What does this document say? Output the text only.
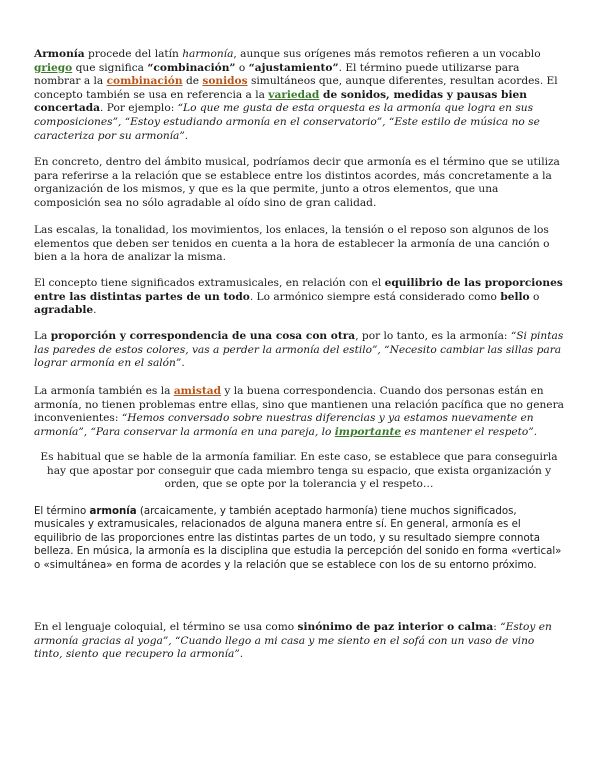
Armonía procede del latín harmonía, aunque sus orígenes más remotos refieren a un vocablo griego que significa “combinación” o “ajustamiento”. El término puede utilizarse para nombrar a la combinación de sonidos simultáneos que, aunque diferentes, resultan acordes. El concepto también se usa en referencia a la variedad de sonidos, medidas y pausas bien concertada. Por ejemplo: “Lo que me gusta de esta orquesta es la armonía que logra en sus composiciones”, “Estoy estudiando armonía en el conservatorio”, “Este estilo de música no se caracteriza por su armonía”.

En concreto, dentro del ámbito musical, podríamos decir que armonía es el término que se utiliza para referirse a la relación que se establece entre los distintos acordes, más concretamente a la organización de los mismos, y que es la que permite, junto a otros elementos, que una composición sea no sólo agradable al oído sino de gran calidad.

Las escalas, la tonalidad, los movimientos, los enlaces, la tensión o el reposo son algunos de los elementos que deben ser tenidos en cuenta a la hora de establecer la armonía de una canción o bien a la hora de analizar la misma.

El concepto tiene significados extramusicales, en relación con el equilibrio de las proporciones entre las distintas partes de un todo. Lo armónico siempre está considerado como bello o agradable.

La proporción y correspondencia de una cosa con otra, por lo tanto, es la armonía: “Si pintas las paredes de estos colores, vas a perder la armonía del estilo”, “Necesito cambiar las sillas para lograr armonía en el salón”.

La armonía también es la amistad y la buena correspondencia. Cuando dos personas están en armonía, no tienen problemas entre ellas, sino que mantienen una relación pacífica que no genera inconvenientes: “Hemos conversado sobre nuestras diferencias y ya estamos nuevamente en armonía”, “Para conservar la armonía en una pareja, lo importante es mantener el respeto”.

Es habitual que se hable de la armonía familiar. En este caso, se establece que para conseguirla hay que apostar por conseguir que cada miembro tenga su espacio, que exista organización y orden, que se opte por la tolerancia y el respeto…

El término armonía (arcaicamente, y también aceptado harmonía) tiene muchos significados, musicales y extramusicales, relacionados de alguna manera entre sí. En general, armonía es el equilibrio de las proporciones entre las distintas partes de un todo, y su resultado siempre connota belleza. En música, la armonía es la disciplina que estudia la percepción del sonido en forma «vertical» o «simultánea» en forma de acordes y la relación que se establece con los de su entorno próximo.

En el lenguaje coloquial, el término se usa como sinónimo de paz interior o calma: “Estoy en armonía gracias al yoga”, “Cuando llego a mi casa y me siento en el sofá con un vaso de vino tinto, siento que recupero la armonía”.
